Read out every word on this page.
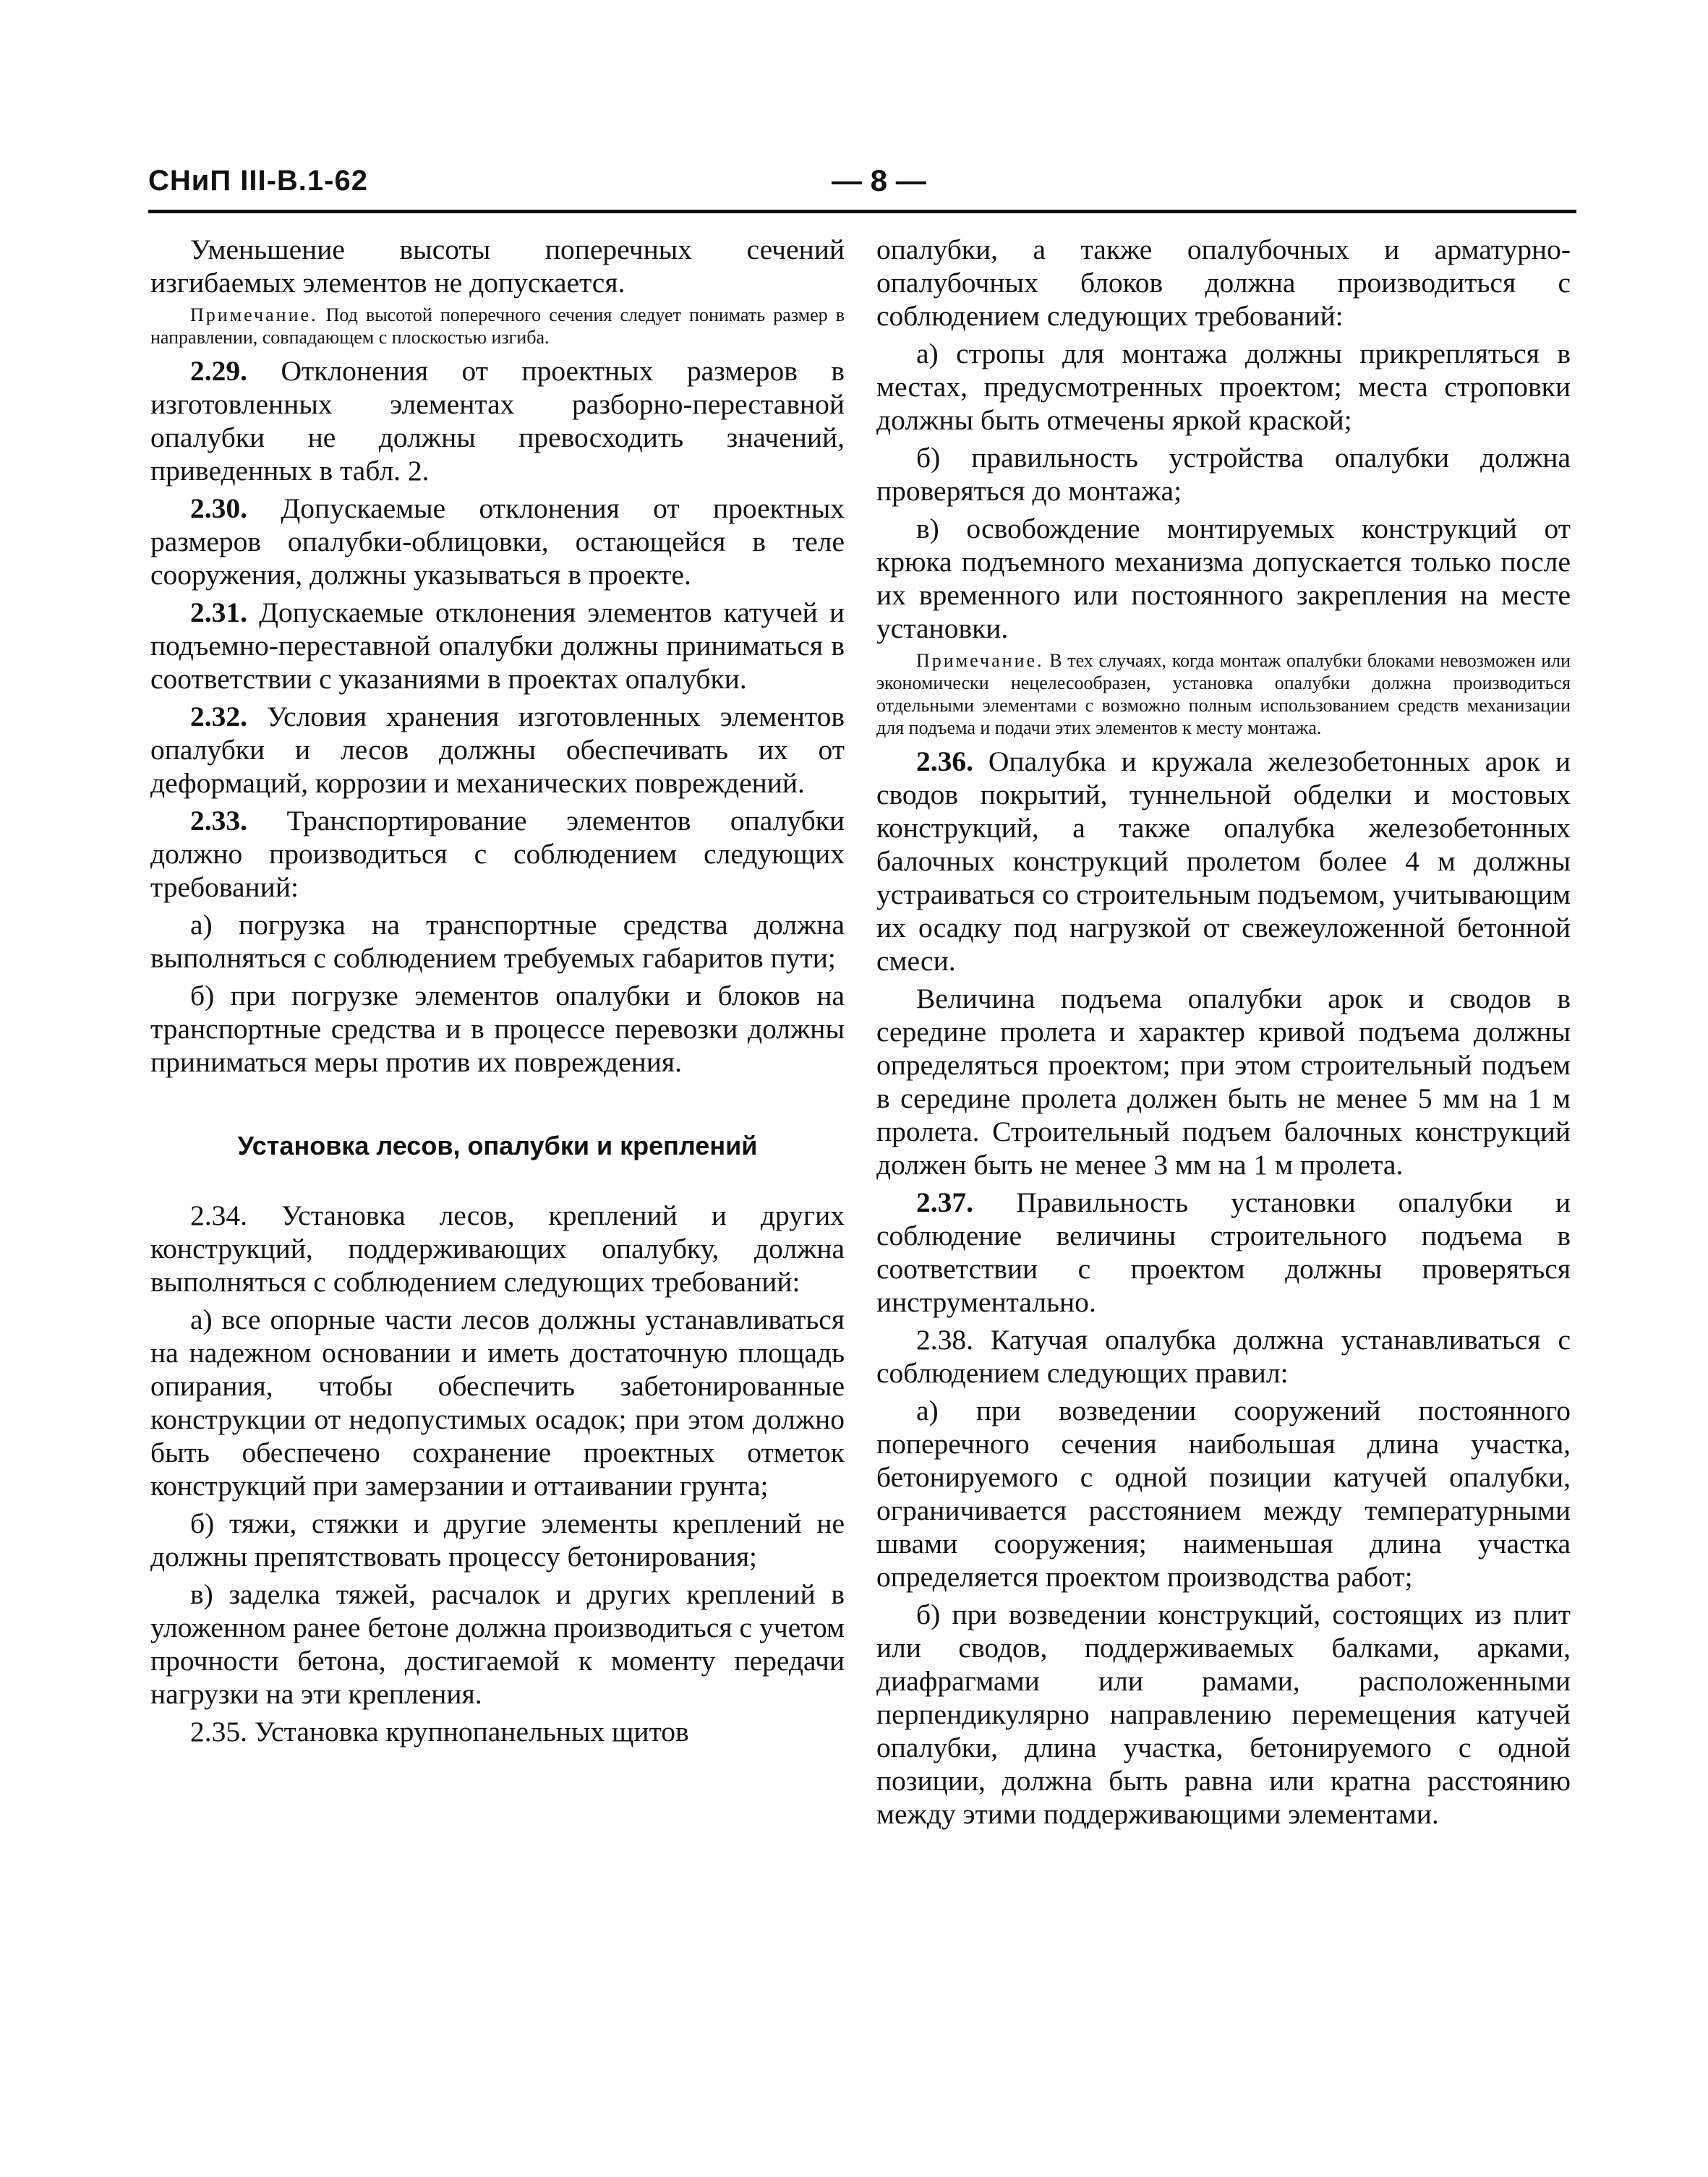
СНиП III-В.1-62	— 8 —

Уменьшение высоты поперечных сечений изгибаемых элементов не допускается.

Примечание. Под высотой поперечного сечения следует понимать размер в направлении, совпадающем с плоскостью изгиба.

2.29. Отклонения от проектных размеров в изготовленных элементах разборно-переставной опалубки не должны превосходить значений, приведенных в табл. 2.

2.30. Допускаемые отклонения от проектных размеров опалубки-облицовки, остающейся в теле сооружения, должны указываться в проекте.

2.31. Допускаемые отклонения элементов катучей и подъемно-переставной опалубки должны приниматься в соответствии с указаниями в проектах опалубки.

2.32. Условия хранения изготовленных элементов опалубки и лесов должны обеспечивать их от деформаций, коррозии и механических повреждений.

2.33. Транспортирование элементов опалубки должно производиться с соблюдением следующих требований:

а) погрузка на транспортные средства должна выполняться с соблюдением требуемых габаритов пути;

б) при погрузке элементов опалубки и блоков на транспортные средства и в процессе перевозки должны приниматься меры против их повреждения.

Установка лесов, опалубки и креплений

2.34. Установка лесов, креплений и других конструкций, поддерживающих опалубку, должна выполняться с соблюдением следующих требований:

а) все опорные части лесов должны устанавливаться на надежном основании и иметь достаточную площадь опирания, чтобы обеспечить забетонированные конструкции от недопустимых осадок; при этом должно быть обеспечено сохранение проектных отметок конструкций при замерзании и оттаивании грунта;

б) тяжи, стяжки и другие элементы креплений не должны препятствовать процессу бетонирования;

в) заделка тяжей, расчалок и других креплений в уложенном ранее бетоне должна производиться с учетом прочности бетона, достигаемой к моменту передачи нагрузки на эти крепления.

2.35. Установка крупнопанельных щитов

опалубки, а также опалубочных и арматурно-опалубочных блоков должна производиться с соблюдением следующих требований:

а) стропы для монтажа должны прикрепляться в местах, предусмотренных проектом; места строповки должны быть отмечены яркой краской;

б) правильность устройства опалубки должна проверяться до монтажа;

в) освобождение монтируемых конструкций от крюка подъемного механизма допускается только после их временного или постоянного закрепления на месте установки.

Примечание. В тех случаях, когда монтаж опалубки блоками невозможен или экономически нецелесообразен, установка опалубки должна производиться отдельными элементами с возможно полным использованием средств механизации для подъема и подачи этих элементов к месту монтажа.

2.36. Опалубка и кружала железобетонных арок и сводов покрытий, туннельной обделки и мостовых конструкций, а также опалубка железобетонных балочных конструкций пролетом более 4 м должны устраиваться со строительным подъемом, учитывающим их осадку под нагрузкой от свежеуложенной бетонной смеси.

Величина подъема опалубки арок и сводов в середине пролета и характер кривой подъема должны определяться проектом; при этом строительный подъем в середине пролета должен быть не менее 5 мм на 1 м пролета. Строительный подъем балочных конструкций должен быть не менее 3 мм на 1 м пролета.

2.37. Правильность установки опалубки и соблюдение величины строительного подъема в соответствии с проектом должны проверяться инструментально.

2.38. Катучая опалубка должна устанавливаться с соблюдением следующих правил:

а) при возведении сооружений постоянного поперечного сечения наибольшая длина участка, бетонируемого с одной позиции катучей опалубки, ограничивается расстоянием между температурными швами сооружения; наименьшая длина участка определяется проектом производства работ;

б) при возведении конструкций, состоящих из плит или сводов, поддерживаемых балками, арками, диафрагмами или рамами, расположенными перпендикулярно направлению перемещения катучей опалубки, длина участка, бетонируемого с одной позиции, должна быть равна или кратна расстоянию между этими поддерживающими элементами.
